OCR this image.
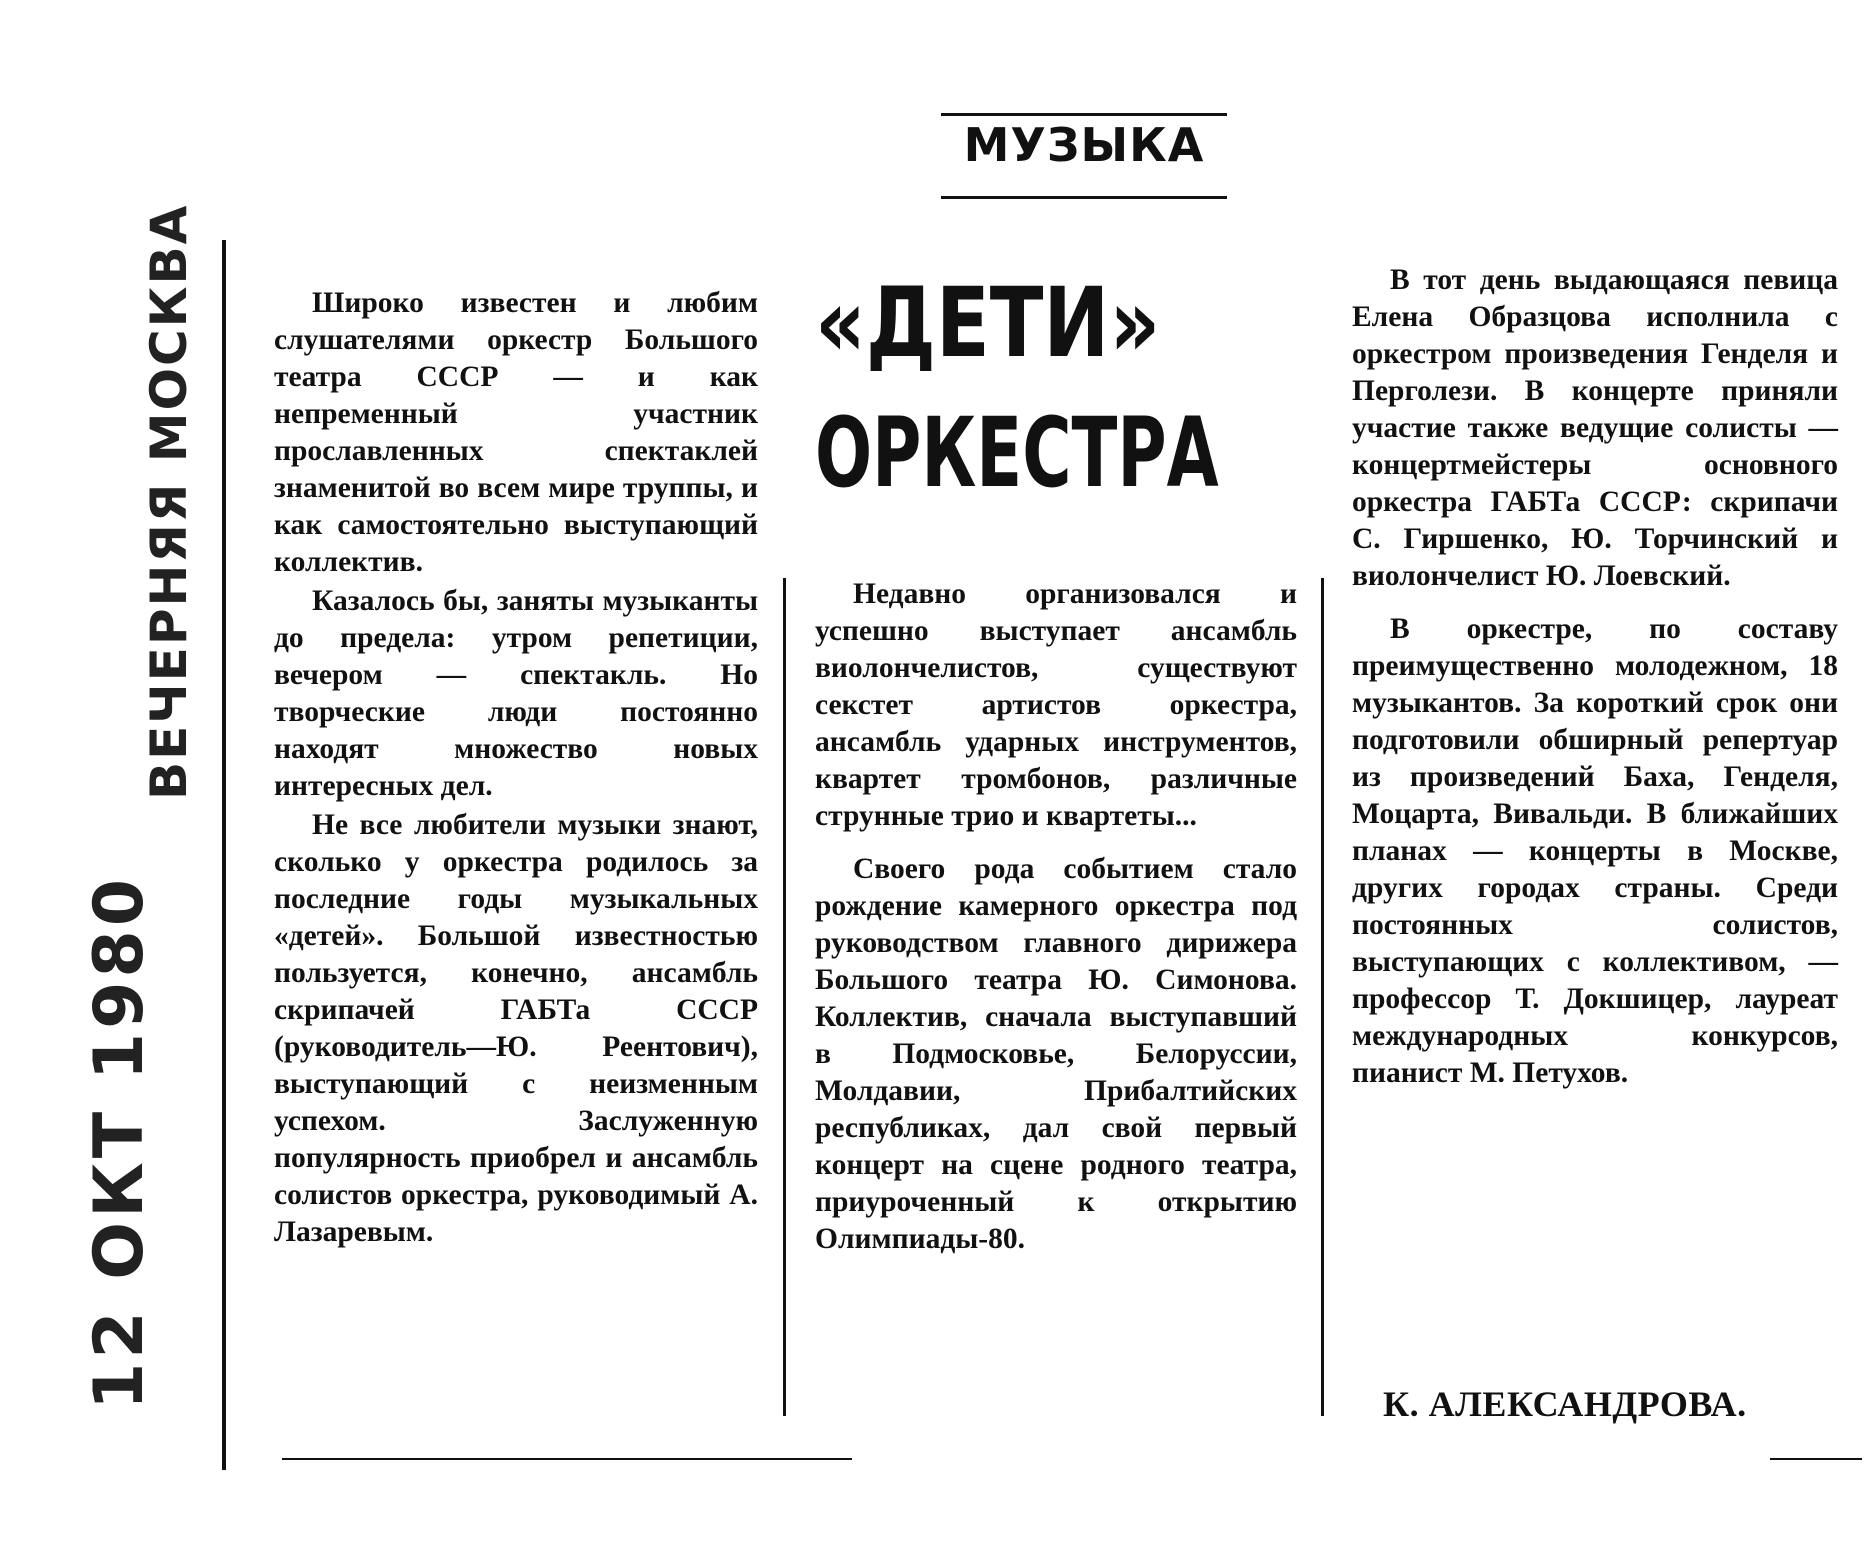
МУЗЫКА
12 ОКТ 1980
ВЕЧЕРНЯЯ МОСКВА	«ДЕТИ»
ОРКЕСТРА

Широко известен и любим слушателями оркестр Большого театра СССР — и как непременный участник прославленных спектаклей знаменитой во всем мире труппы, и как самостоятельно выступающий коллектив.

Казалось бы, заняты музыканты до предела: утром репетиции, вечером — спектакль. Но творческие люди постоянно находят множество новых интересных дел.

Не все любители музыки знают, сколько у оркестра родилось за последние годы музыкальных «детей». Большой известностью пользуется, конечно, ансамбль скрипачей ГАБТа СССР (руководитель—Ю. Реентович), выступающий с неизменным успехом. Заслуженную популярность приобрел и ансамбль солистов оркестра, руководимый А. Лазаревым.

Недавно организовался и успешно выступает ансамбль виолончелистов, существуют секстет артистов оркестра, ансамбль ударных инструментов, квартет тромбонов, различные струнные трио и квартеты...

Своего рода событием стало рождение камерного оркестра под руководством главного дирижера Большого театра Ю. Симонова. Коллектив, сначала выступавший в Подмосковье, Белоруссии, Молдавии, Прибалтийских республиках, дал свой первый концерт на сцене родного театра, приуроченный к открытию Олимпиады-80.

В тот день выдающаяся певица Елена Образцова исполнила с оркестром произведения Генделя и Перголези. В концерте приняли участие также ведущие солисты — концертмейстеры основного оркестра ГАБТа СССР: скрипачи С. Гиршенко, Ю. Торчинский и виолончелист Ю. Лоевский.

В оркестре, по составу преимущественно молодежном, 18 музыкантов. За короткий срок они подготовили обширный репертуар из произведений Баха, Генделя, Моцарта, Вивальди. В ближайших планах — концерты в Москве, других городах страны. Среди постоянных солистов, выступающих с коллективом, — профессор Т. Докшицер, лауреат международных конкурсов, пианист М. Петухов.

К. АЛЕКСАНДРОВА.
